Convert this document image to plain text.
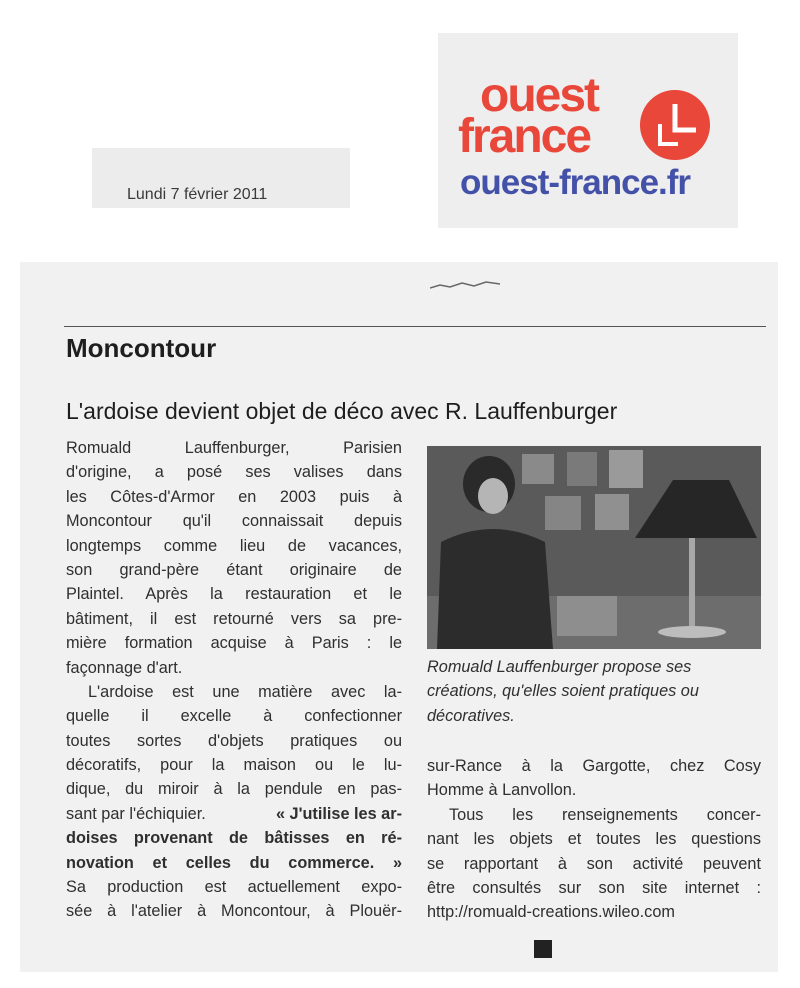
Lundi 7 février 2011
ouest
france
ouest-france.fr
Moncontour
L'ardoise devient objet de déco avec R. Lauffenburger
Romuald Lauffenburger, Parisien
d'origine, a posé ses valises dans
les Côtes-d'Armor en 2003 puis à
Moncontour qu'il connaissait depuis
longtemps comme lieu de vacances,
son grand-père étant originaire de
Plaintel. Après la restauration et le
bâtiment, il est retourné vers sa pre-
mière formation acquise à Paris : le
façonnage d'art.
L'ardoise est une matière avec la-
quelle il excelle à confectionner
toutes sortes d'objets pratiques ou
décoratifs, pour la maison ou le lu-
dique, du miroir à la pendule en pas-
sant par l'échiquier.	« J'utilise les ar-
doises provenant de bâtisses en ré-
novation et celles du commerce. »
Sa production est actuellement expo-
sée à l'atelier à Moncontour, à Plouër-
Romuald Lauffenburger propose ses
créations, qu'elles soient pratiques ou
décoratives.
sur-Rance à la Gargotte, chez Cosy
Homme à Lanvollon.
Tous les renseignements concer-
nant les objets et toutes les questions
se rapportant à son activité peuvent
être consultés sur son site internet :
http://romuald-creations.wileo.com
